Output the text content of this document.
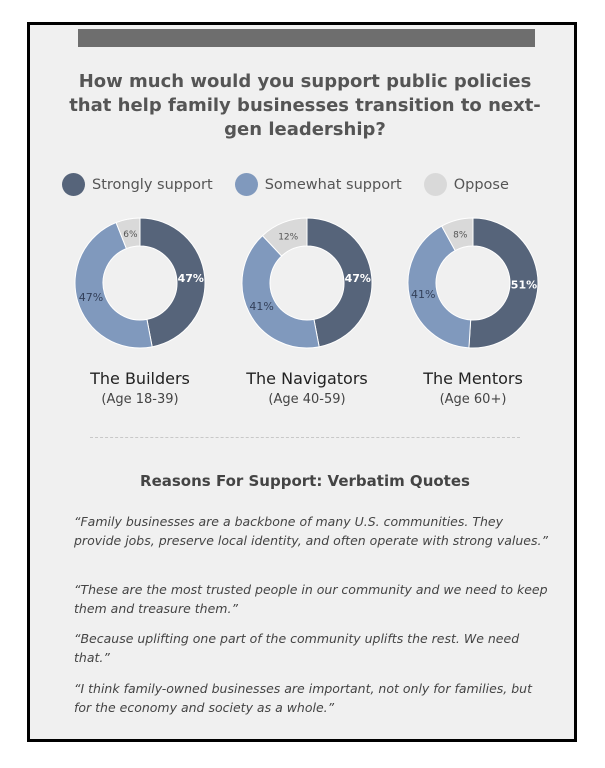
How much would you support public policies that help family businesses transition to next-gen leadership?
Strongly support	Somewhat support	Oppose
47%
47%
6%
47%
41%
12%
51%
41%
8%
The Builders
(Age 18-39)
The Navigators
(Age 40-59)
The Mentors
(Age 60+)
Reasons For Support: Verbatim Quotes
“Family businesses are a backbone of many U.S. communities. They provide jobs, preserve local identity, and often operate with strong values.”
“These are the most trusted people in our community and we need to keep them and treasure them.”
“Because uplifting one part of the community uplifts the rest. We need that.”
“I think family-owned businesses are important, not only for families, but for the economy and society as a whole.”
